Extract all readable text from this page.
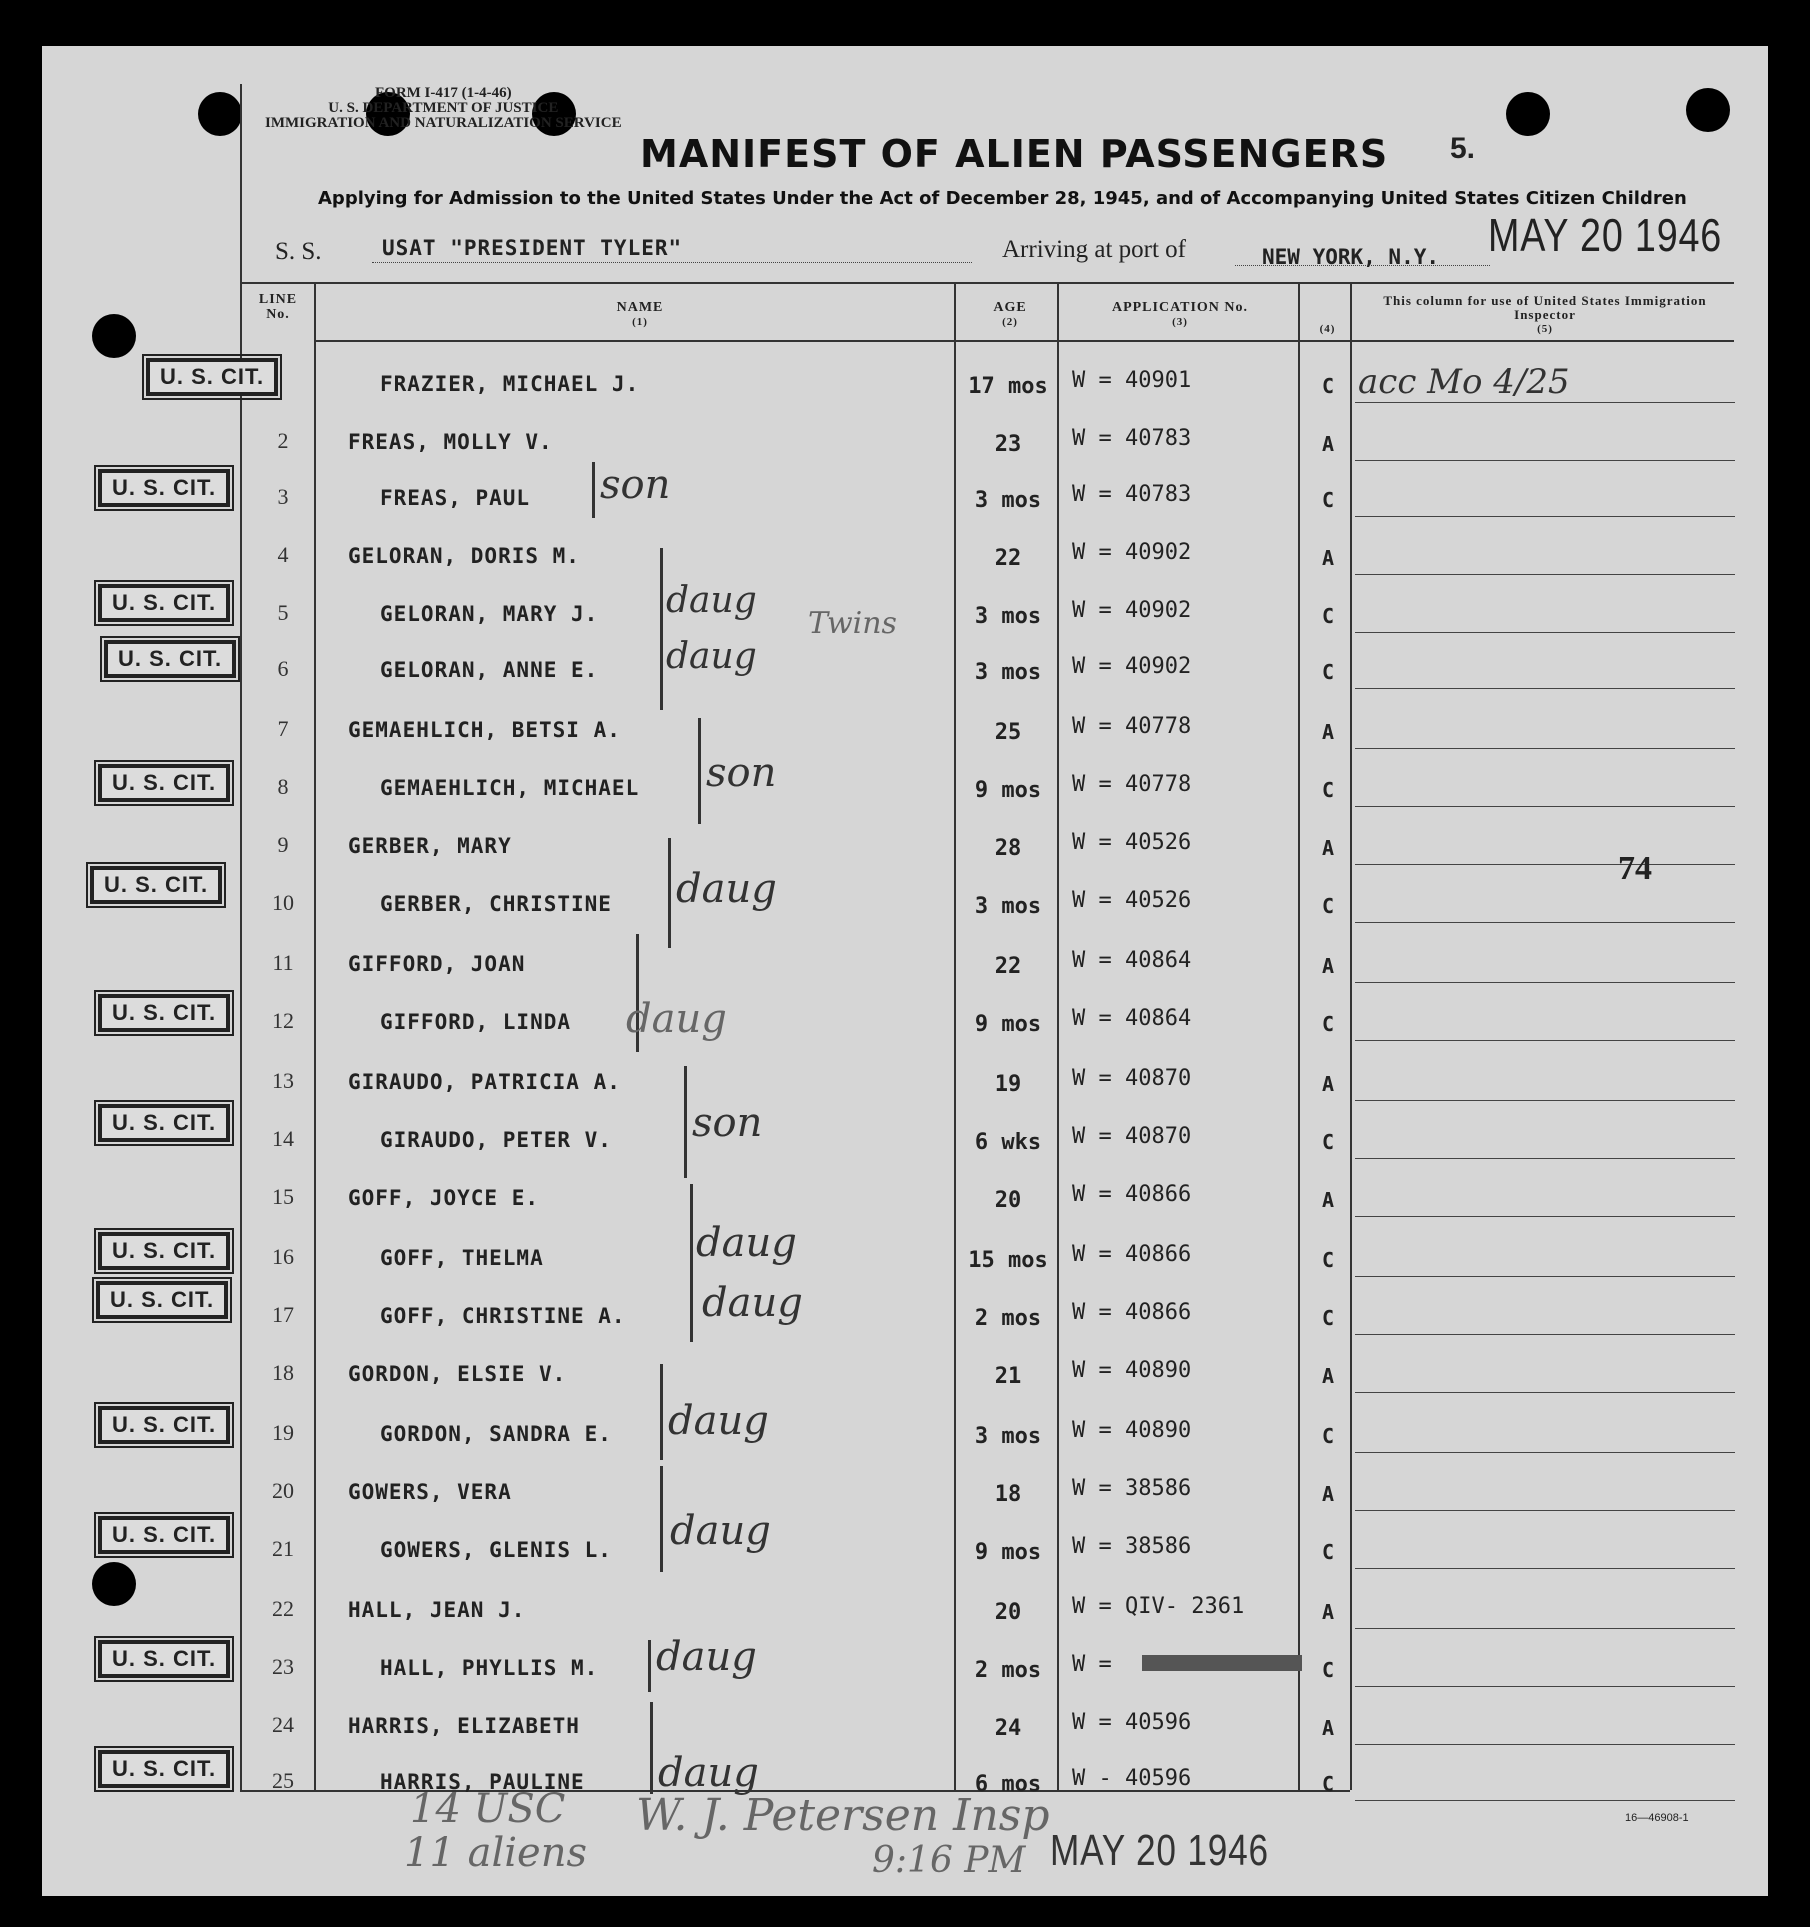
FORM I-417 (1-4-46)
U. S. DEPARTMENT OF JUSTICE
IMMIGRATION AND NATURALIZATION SERVICE
MANIFEST OF ALIEN PASSENGERS 5.
Applying for Admission to the United States Under the Act of December 28, 1945, and of Accompanying United States Citizen Children
S. S.	USAT "PRESIDENT TYLER"	Arriving at port of	NEW YORK, N.Y. MAY 20 1946
LINE No.	NAME
(1)
AGE
(2)
APPLICATION No.
(3)
(4)
This column for use of United States Immigration Inspector
(5)
FRAZIER, MICHAEL J.	17 mos	W = 40901	C
2	FREAS, MOLLY V.	23	W = 40783	A
3	FREAS, PAUL	3 mos	W = 40783	C
4	GELORAN, DORIS M.	22	W = 40902	A
5	GELORAN, MARY J.	3 mos	W = 40902	C
6	GELORAN, ANNE E.	3 mos	W = 40902	C
7	GEMAEHLICH, BETSI A.	25	W = 40778	A
8	GEMAEHLICH, MICHAEL	9 mos	W = 40778	C
9	GERBER, MARY	28	W = 40526	A
10	GERBER, CHRISTINE	3 mos	W = 40526	C
11	GIFFORD, JOAN	22	W = 40864	A
12	GIFFORD, LINDA	9 mos	W = 40864	C
13	GIRAUDO, PATRICIA A.	19	W = 40870	A
14	GIRAUDO, PETER V.	6 wks	W = 40870	C
15	GOFF, JOYCE E.	20	W = 40866	A
16	GOFF, THELMA	15 mos	W = 40866	C
17	GOFF, CHRISTINE A.	2 mos	W = 40866	C
18	GORDON, ELSIE V.	21	W = 40890	A
19	GORDON, SANDRA E.	3 mos	W = 40890	C
20	GOWERS, VERA	18	W = 38586	A
21	GOWERS, GLENIS L.	9 mos	W = 38586	C
22	HALL, JEAN J.	20	W = QIV- 2361	A
23	HALL, PHYLLIS M.	2 mos	W =	C
24	HARRIS, ELIZABETH	24	W = 40596	A
25	HARRIS, PAULINE	6 mos	W - 40596	C
U. S. CIT.
U. S. CIT.
U. S. CIT.
U. S. CIT.
U. S. CIT.
U. S. CIT.
U. S. CIT.
U. S. CIT.
U. S. CIT.
U. S. CIT.
U. S. CIT.
U. S. CIT.
U. S. CIT.
U. S. CIT.
acc Mo 4/25
son
daug
daug
Twins
son
daug
daug
son
daug
daug
daug
daug
daug
daug
74
14 USC
11 aliens
W. J. Petersen Insp
9:16 PM MAY 20 1946
16—46908-1
